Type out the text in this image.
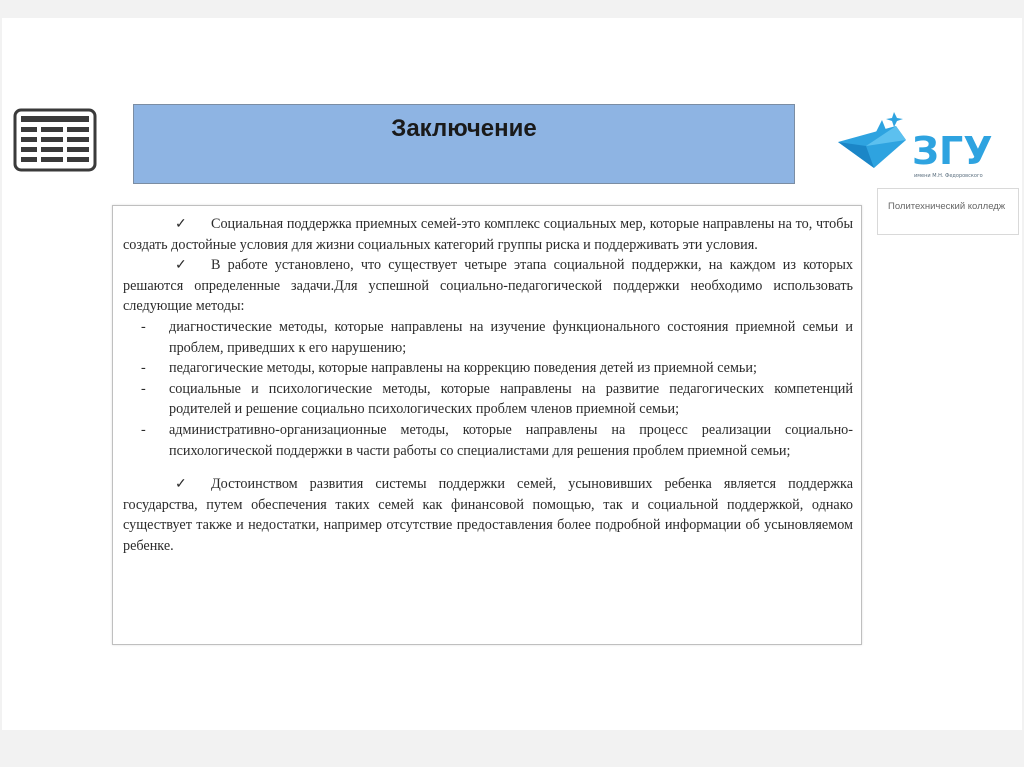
Заключение
ЗГУ
имени М.Н. Федоровского
Политехнический колледж

✓ Социальная поддержка приемных семей-это комплекс социальных мер, которые направлены на то, чтобы создать достойные условия для жизни социальных категорий группы риска и поддерживать эти условия.

✓ В работе установлено, что существует четыре этапа социальной поддержки, на каждом из которых решаются определенные задачи.Для успешной социально-педагогической поддержки необходимо использовать следующие методы:

- диагностические методы, которые направлены на изучение функционального состояния приемной семьи и проблем, приведших к его нарушению;
- педагогические методы, которые направлены на коррекцию поведения детей из приемной семьи;
- социальные и психологические методы, которые направлены на развитие педагогических компетенций родителей и решение социально психологических проблем членов приемной семьи;
- административно-организационные методы, которые направлены на процесс реализации социально-психологической поддержки в части работы со специалистами для решения проблем приемной семьи;

✓ Достоинством развития системы поддержки семей, усыновивших ребенка является поддержка государства, путем обеспечения таких семей как финансовой помощью, так и социальной поддержкой, однако существует также и недостатки, например отсутствие предоставления более подробной информации об усыновляемом ребенке.
